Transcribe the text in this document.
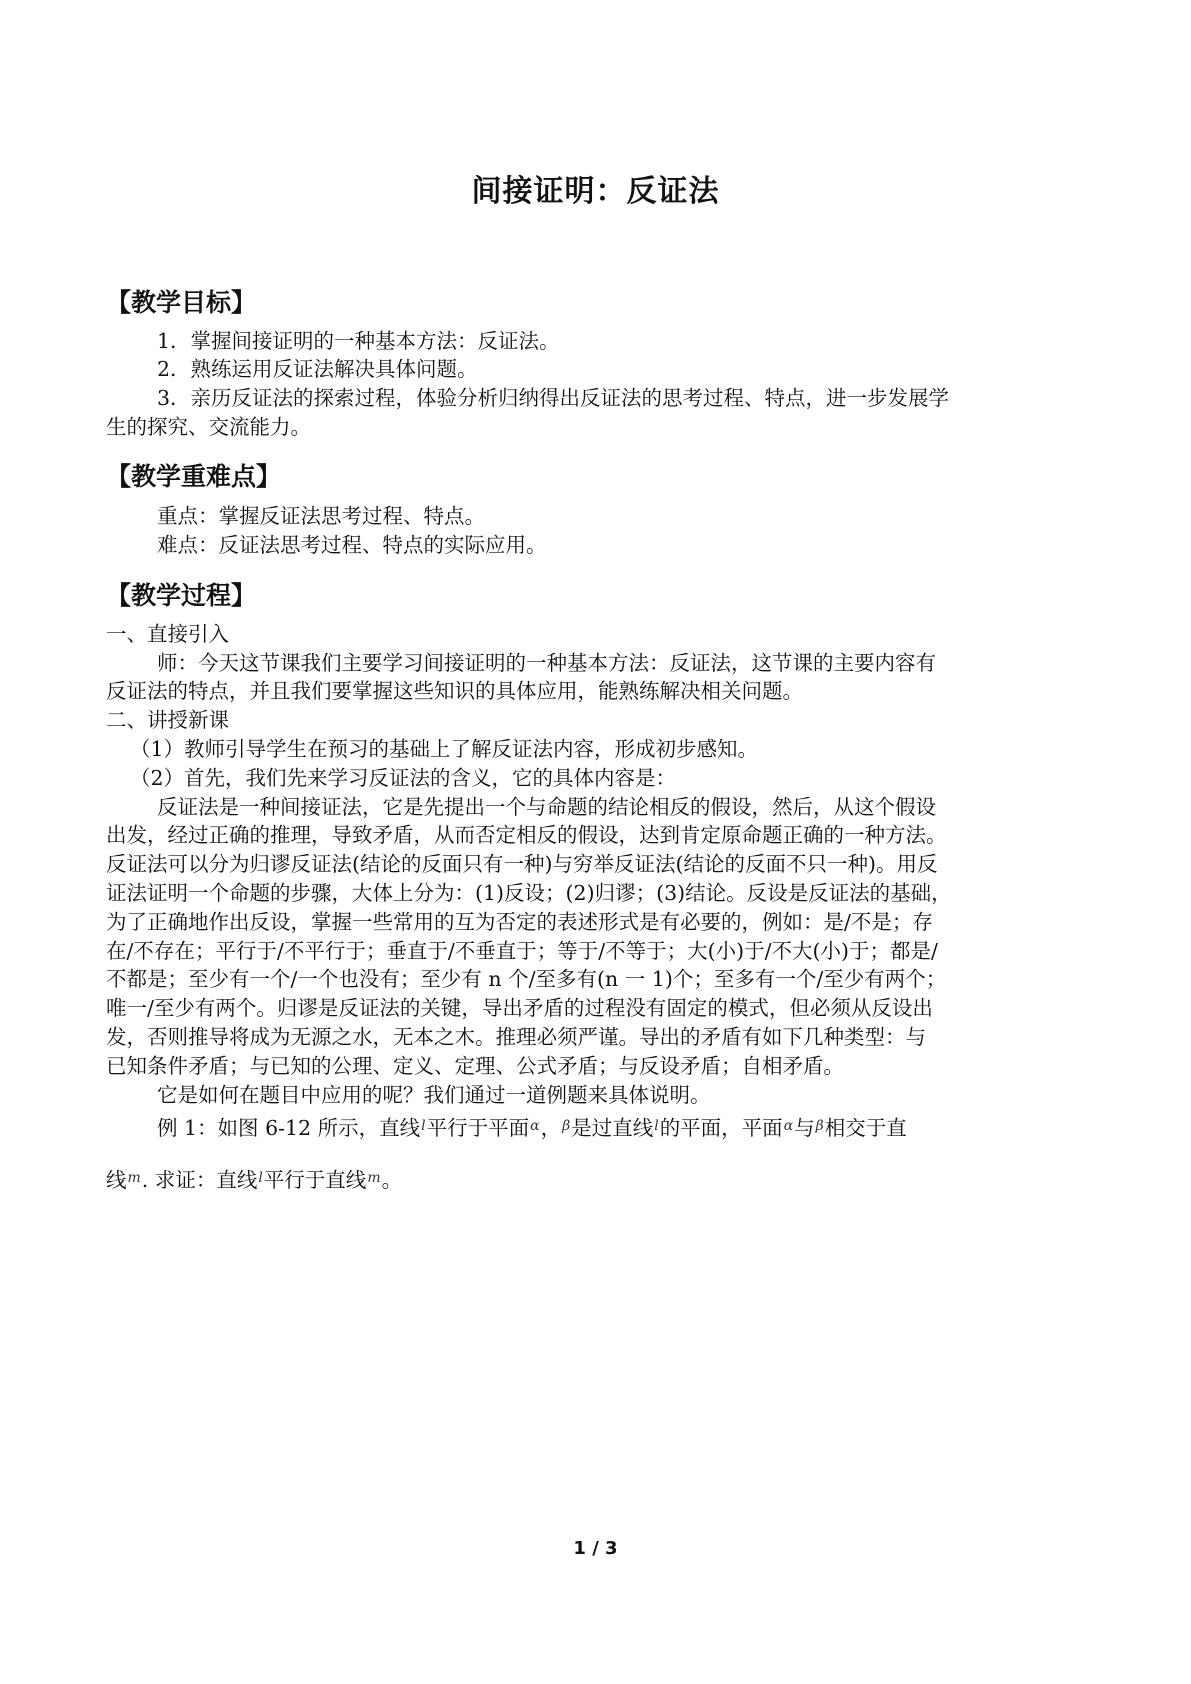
间接证明：反证法
【教学目标】
1．掌握间接证明的一种基本方法：反证法。
2．熟练运用反证法解决具体问题。
3．亲历反证法的探索过程，体验分析归纳得出反证法的思考过程、特点，进一步发展学
生的探究、交流能力。
【教学重难点】
重点：掌握反证法思考过程、特点。
难点：反证法思考过程、特点的实际应用。
【教学过程】
一、直接引入
师：今天这节课我们主要学习间接证明的一种基本方法：反证法，这节课的主要内容有
反证法的特点，并且我们要掌握这些知识的具体应用，能熟练解决相关问题。
二、讲授新课
（1）教师引导学生在预习的基础上了解反证法内容，形成初步感知。
（2）首先，我们先来学习反证法的含义，它的具体内容是：
反证法是一种间接证法，它是先提出一个与命题的结论相反的假设，然后，从这个假设
出发，经过正确的推理，导致矛盾，从而否定相反的假设，达到肯定原命题正确的一种方法。
反证法可以分为归谬反证法(结论的反面只有一种)与穷举反证法(结论的反面不只一种)。用反
证法证明一个命题的步骤，大体上分为：(1)反设；(2)归谬；(3)结论。反设是反证法的基础，
为了正确地作出反设，掌握一些常用的互为否定的表述形式是有必要的，例如：是/不是；存
在/不存在；平行于/不平行于；垂直于/不垂直于；等于/不等于；大(小)于/不大(小)于；都是/
不都是；至少有一个/一个也没有；至少有 n 个/至多有(n 一 1)个；至多有一个/至少有两个；
唯一/至少有两个。归谬是反证法的关键，导出矛盾的过程没有固定的模式，但必须从反设出
发，否则推导将成为无源之水，无本之木。推理必须严谨。导出的矛盾有如下几种类型：与
已知条件矛盾；与已知的公理、定义、定理、公式矛盾；与反设矛盾；自相矛盾。
它是如何在题目中应用的呢？我们通过一道例题来具体说明。
例 1：如图 6-12 所示，直线$^l$平行于平面$^\alpha$，$^\beta$是过直线$^l$的平面，平面$^\alpha$与$^\beta$相交于直
线$^m$. 求证：直线$^l$平行于直线$^m$。
1 / 3
